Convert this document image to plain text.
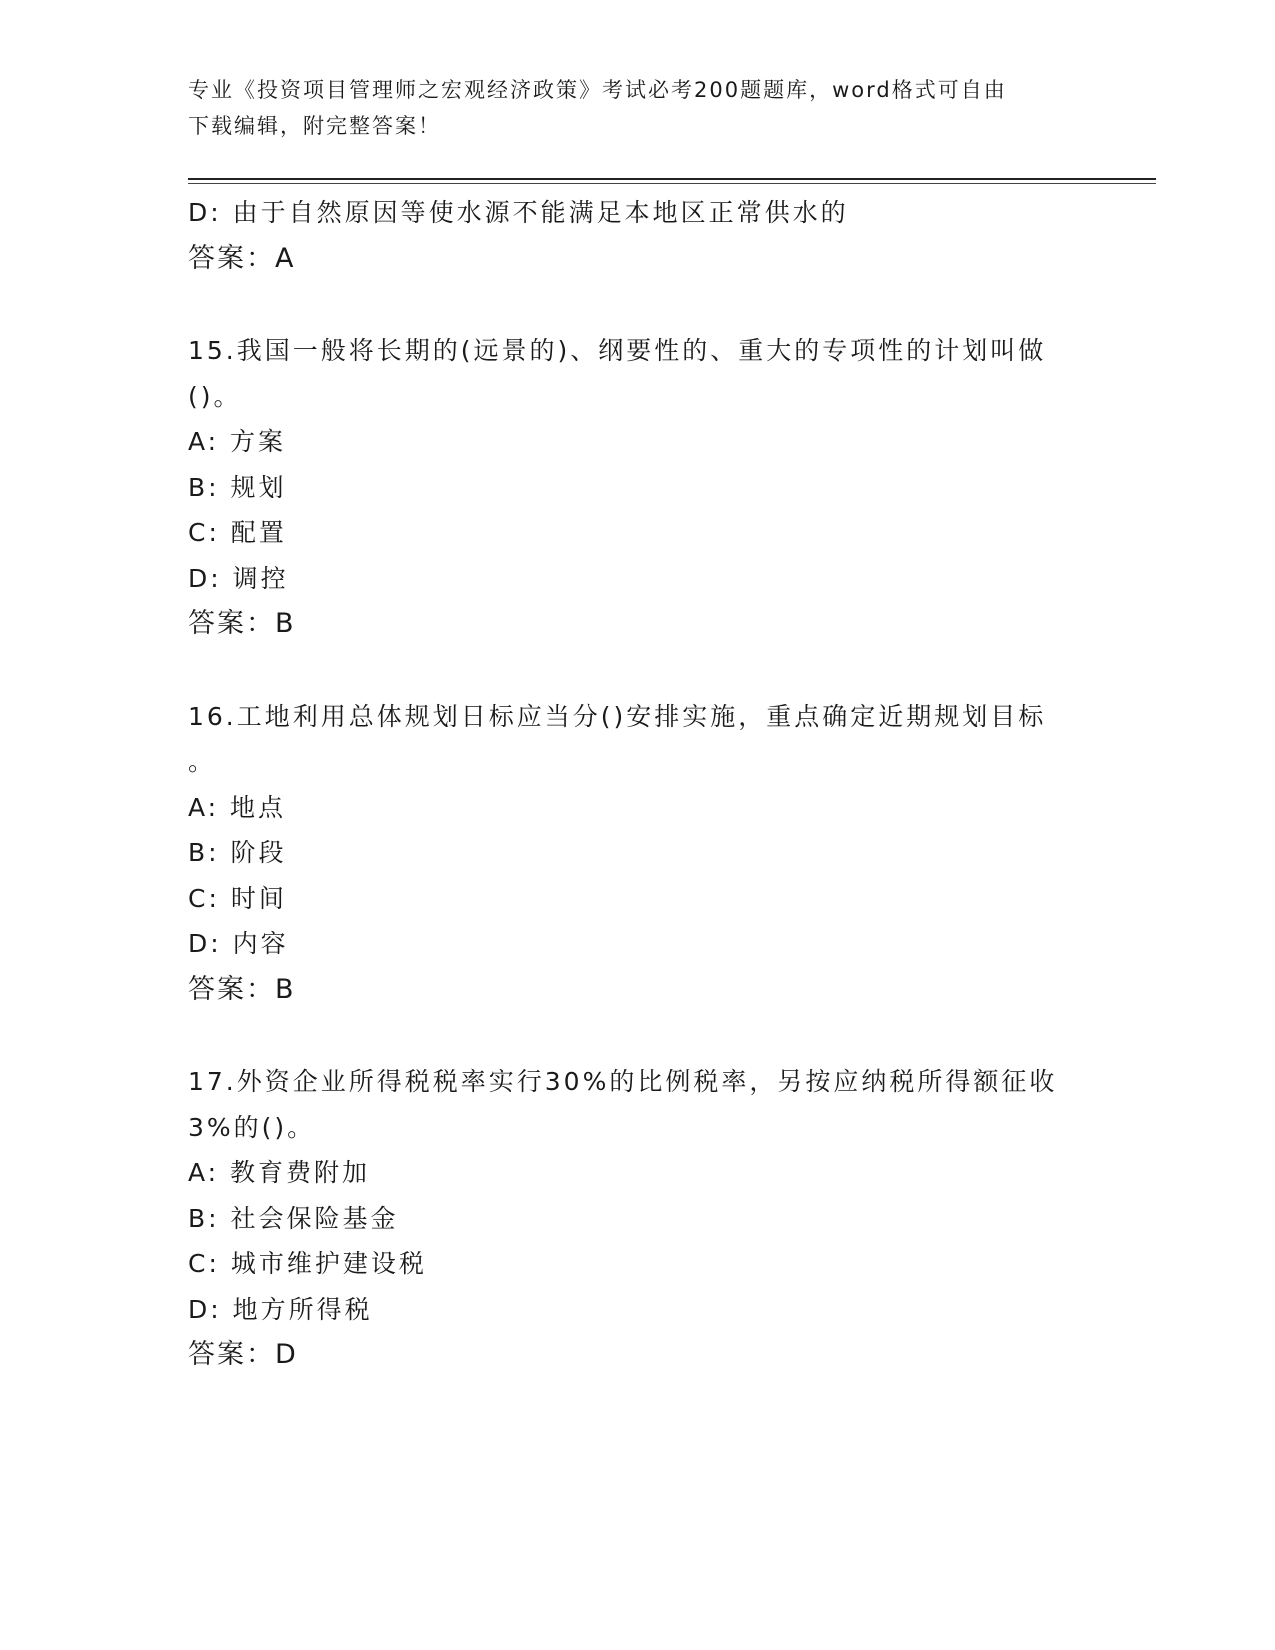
专业《投资项目管理师之宏观经济政策》考试必考200题题库，word格式可自由
下载编辑，附完整答案！
D: 由于自然原因等使水源不能满足本地区正常供水的
答案：A
15.我国一般将长期的(远景的)、纲要性的、重大的专项性的计划叫做
()。
A: 方案
B: 规划
C: 配置
D: 调控
答案：B
16.工地利用总体规划日标应当分()安排实施，重点确定近期规划目标
。
A: 地点
B: 阶段
C: 时间
D: 内容
答案：B
17.外资企业所得税税率实行30%的比例税率，另按应纳税所得额征收
3%的()。
A: 教育费附加
B: 社会保险基金
C: 城市维护建设税
D: 地方所得税
答案：D
